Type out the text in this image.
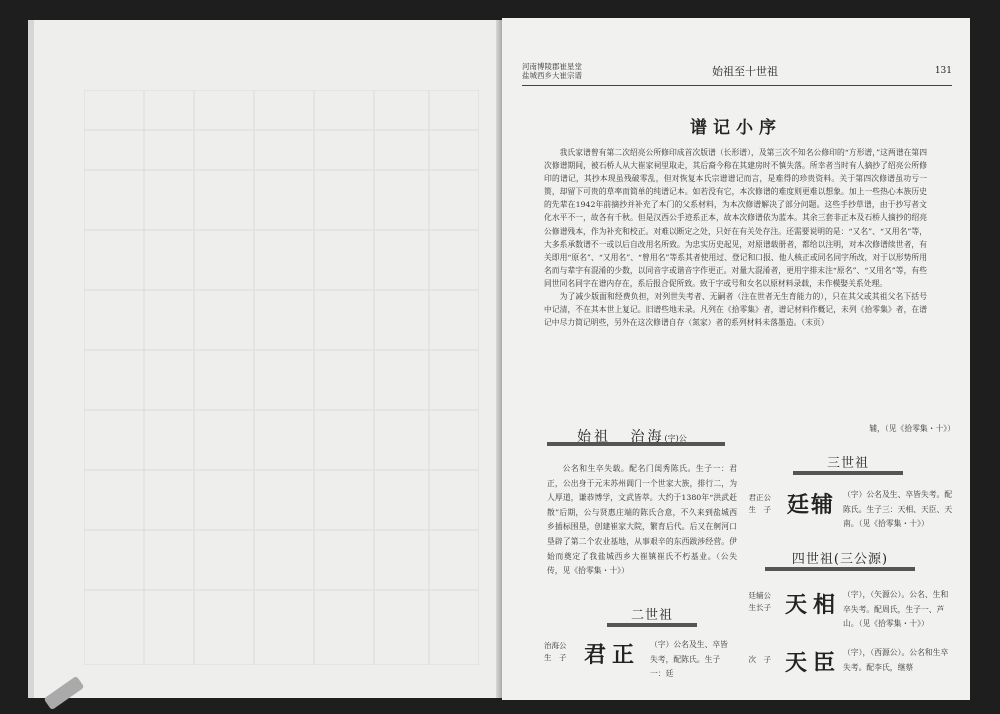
河南博陵郡崔星堂
盐城西乡大崔宗谱	始祖至十世祖	131
谱记小序

我氏家谱曾有第二次绍亮公所修印成首次版谱（长形谱），及第三次不知名公修印的“方形谱，”这两谱在第四次修谱期间，被石桥人从大崔家祠里取走，其后裔今称在其建房时不慎失落。所幸者当时有人摘抄了绍亮公所修印的谱记，其抄本现虽残破零乱，但对恢复本氏宗谱谱记而言，是难得的珍贵资料。关于第四次修谱虽功亏一篑，却留下可贵的草率而简单的纯谱记本。如若没有它，本次修谱的难度则更难以想象。加上一些热心本族历史的先辈在1942年前摘抄并补充了本门的父系材料，为本次修谱解决了部分问题。这些手抄草谱，由于抄写者文化水平不一，故各有千秋。但是汉西公手迹系正本，故本次修谱依为蓝本。其余三套非正本及石桥人摘抄的绍亮公修谱残本，作为补充和校正。对难以断定之处，只好在有关处存注。还需要说明的是：“又名”、“又用名”等，大多系承数谱不一或以后自改用名所致。为忠实历史起见，对原谱载册者，都给以注明，对本次修谱续世者，有关即用“原名”、“又用名”、“曾用名”等系其者使用过、登记和口报、他人核正或同名同字所改，对于以形势所用名而与辈字有混淆的少数，以同音字或谐音字作更正。对量大混淆者，更用字排末注“原名”、“又用名”等，有些同世同名同字在谱内存在，系后报合促所致。致于字或号和女名以原材料录载，未作模娶关系处理。

为了减少版面和经费负担，对列世失考者、无嗣者（注在世者无生育能力的），只在其父或其祖父名下括号中记清，不在其本世上复记。旧谱些地未录。凡列在《拾零集》者，谱记材料作概记，未列《拾零集》者，在谱记中尽力简记明些，另外在这次修谱自存（氮家）者的系列材料未落墨造。（末页）

始祖 治海(字)公

公名和生卒失载。配名门闺秀陈氏。生子一：君正，公出身于元末苏州阊门一个世家大族，排行二，为人厚道，谦恭博学，文武皆萃。大约于1380年“洪武赶散”后期，公与贤惠庄端的陈氏合意，不久来到盐城西乡插标围垦，创建崔家大院，繁育后代。后又在舸河口垦辟了第二个农业基地，从事艰辛的东西跋涉经营。伊始而奠定了我盐城西乡大崔镇崔氏不朽基业。（公失传，见《拾零集・十》）

二世祖
治海公
生　子 君正 （字）公名及生、卒皆失考，配陈氏。生子一：廷
辅，（见《拾零集・十》）
三世祖
君正公
生　子 廷辅 （字）公名及生、卒皆失考。配陈氏。生子三：天相、天臣、天南。（见《拾零集・十》）
四世祖(三公源)
廷辅公
生长子 天相 （字），（矢源公）。公名、生和卒失考。配周氏，生子一、芦山。（见《拾零集・十》）
次　子 天臣 （字），（西源公）。公名和生卒失考。配李氏，继蔡
